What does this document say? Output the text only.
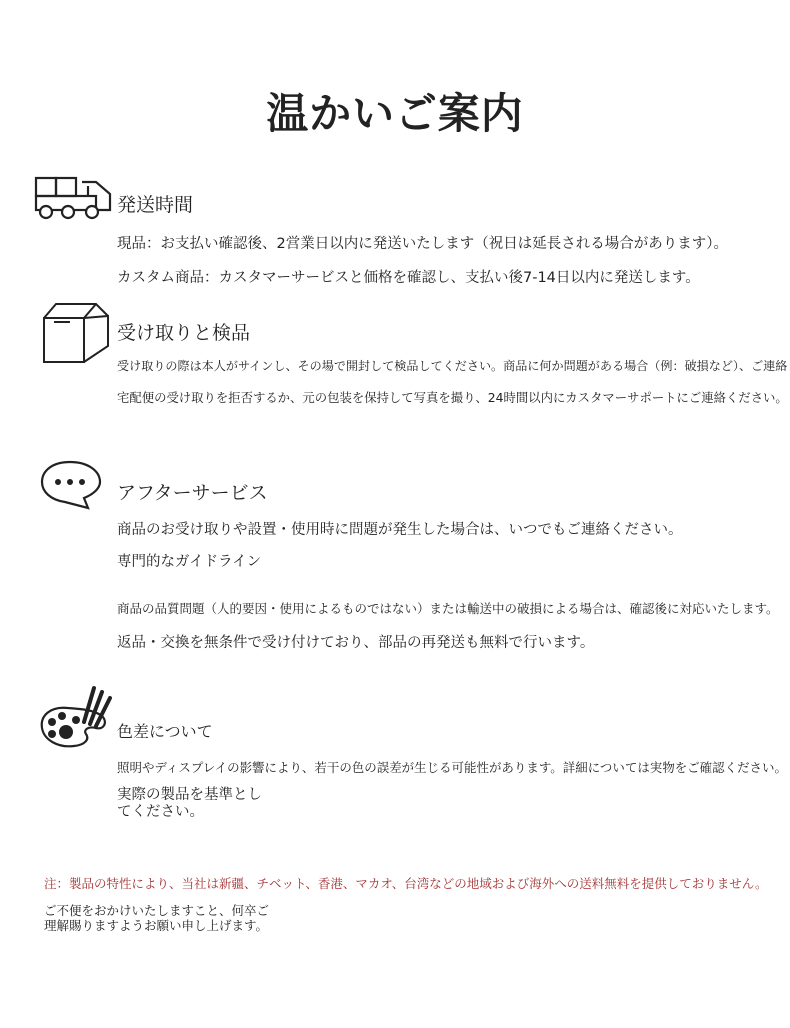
温かいご案内
発送時間
現品：お支払い確認後、2営業日以内に発送いたします（祝日は延長される場合があります）。
カスタム商品：カスタマーサービスと価格を確認し、支払い後7-14日以内に発送します。
受け取りと検品
受け取りの際は本人がサインし、その場で開封して検品してください。商品に何か問題がある場合（例：破損など）、ご連絡
宅配便の受け取りを拒否するか、元の包装を保持して写真を撮り、24時間以内にカスタマーサポートにご連絡ください。
アフターサービス
商品のお受け取りや設置・使用時に問題が発生した場合は、いつでもご連絡ください。
専門的なガイドライン
商品の品質問題（人的要因・使用によるものではない）または輸送中の破損による場合は、確認後に対応いたします。
返品・交換を無条件で受け付けており、部品の再発送も無料で行います。
色差について
照明やディスプレイの影響により、若干の色の誤差が生じる可能性があります。詳細については実物をご確認ください。
実際の製品を基準とし
てください。
注：製品の特性により、当社は新疆、チベット、香港、マカオ、台湾などの地域および海外への送料無料を提供しておりません。
ご不便をおかけいたしますこと、何卒ご
理解賜りますようお願い申し上げます。
